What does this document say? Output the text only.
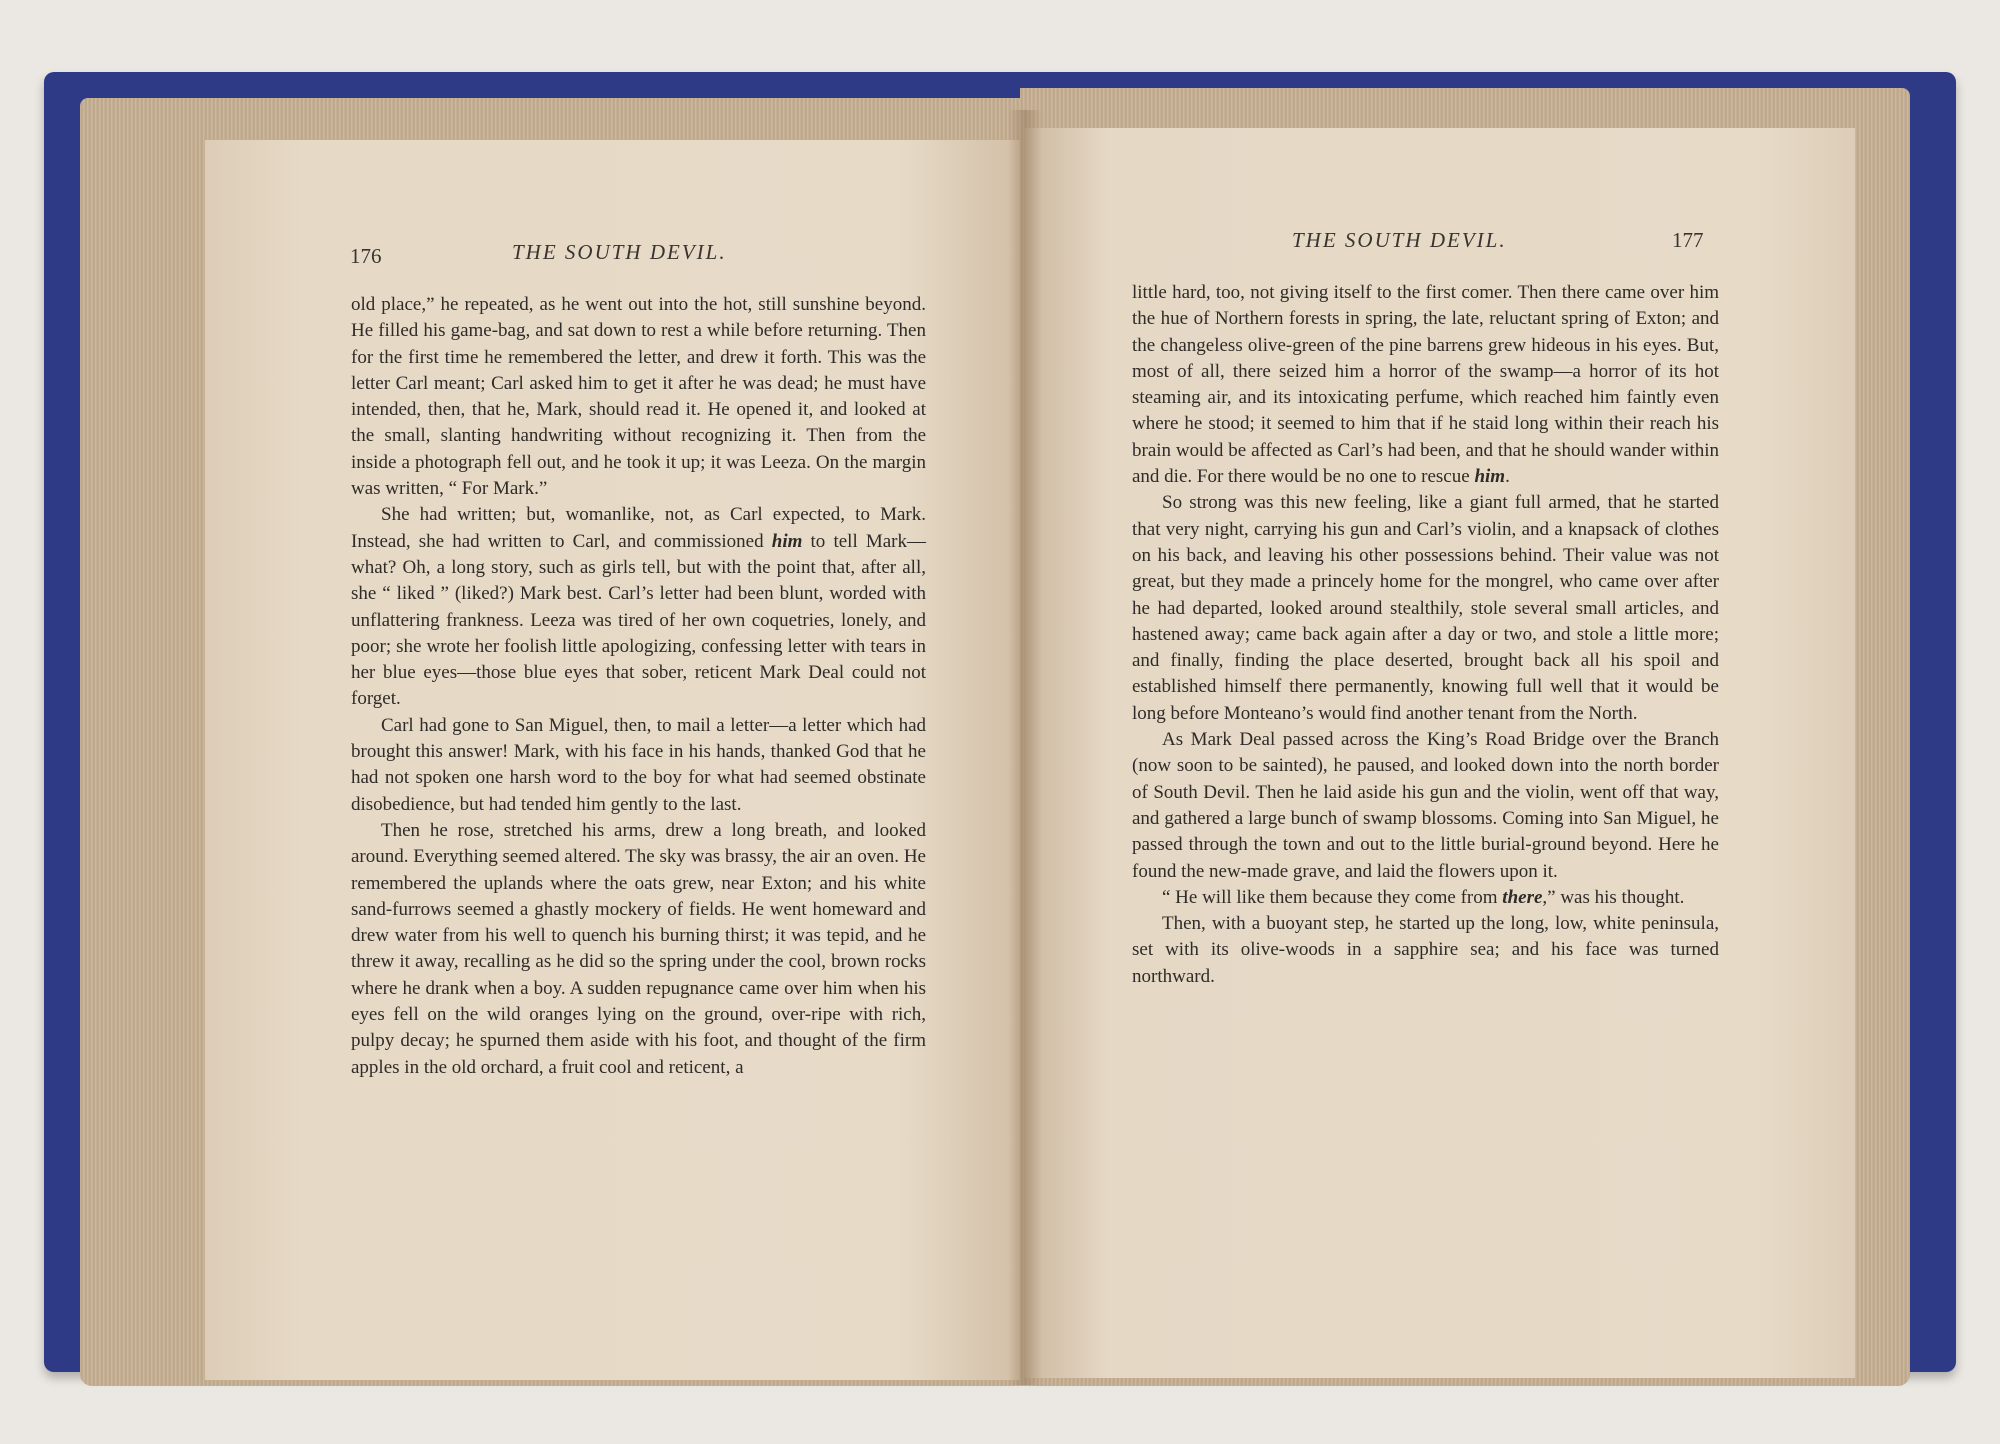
176	THE SOUTH DEVIL.	THE SOUTH DEVIL.	177

old place,” he repeated, as he went out into the hot, still sunshine beyond. He filled his game-bag, and sat down to rest a while before returning. Then for the first time he remembered the letter, and drew it forth. This was the letter Carl meant; Carl asked him to get it after he was dead; he must have intended, then, that he, Mark, should read it. He opened it, and looked at the small, slanting handwriting without recognizing it. Then from the inside a photograph fell out, and he took it up; it was Leeza. On the margin was written, “ For Mark.”

She had written; but, womanlike, not, as Carl expected, to Mark. Instead, she had written to Carl, and commissioned him to tell Mark—what? Oh, a long story, such as girls tell, but with the point that, after all, she “ liked ” (liked?) Mark best. Carl’s letter had been blunt, worded with unflattering frankness. Leeza was tired of her own coquetries, lonely, and poor; she wrote her foolish little apologizing, confessing letter with tears in her blue eyes—those blue eyes that sober, reticent Mark Deal could not forget.

Carl had gone to San Miguel, then, to mail a letter—a letter which had brought this answer! Mark, with his face in his hands, thanked God that he had not spoken one harsh word to the boy for what had seemed obstinate disobedience, but had tended him gently to the last.

Then he rose, stretched his arms, drew a long breath, and looked around. Everything seemed altered. The sky was brassy, the air an oven. He remembered the uplands where the oats grew, near Exton; and his white sand-furrows seemed a ghastly mockery of fields. He went homeward and drew water from his well to quench his burning thirst; it was tepid, and he threw it away, recalling as he did so the spring under the cool, brown rocks where he drank when a boy. A sudden repugnance came over him when his eyes fell on the wild oranges lying on the ground, over-ripe with rich, pulpy decay; he spurned them aside with his foot, and thought of the firm apples in the old orchard, a fruit cool and reticent, a

little hard, too, not giving itself to the first comer. Then there came over him the hue of Northern forests in spring, the late, reluctant spring of Exton; and the changeless olive-green of the pine barrens grew hideous in his eyes. But, most of all, there seized him a horror of the swamp—a horror of its hot steaming air, and its intoxicating perfume, which reached him faintly even where he stood; it seemed to him that if he staid long within their reach his brain would be affected as Carl’s had been, and that he should wander within and die. For there would be no one to rescue him.

So strong was this new feeling, like a giant full armed, that he started that very night, carrying his gun and Carl’s violin, and a knapsack of clothes on his back, and leaving his other possessions behind. Their value was not great, but they made a princely home for the mongrel, who came over after he had departed, looked around stealthily, stole several small articles, and hastened away; came back again after a day or two, and stole a little more; and finally, finding the place deserted, brought back all his spoil and established himself there permanently, knowing full well that it would be long before Monteano’s would find another tenant from the North.

As Mark Deal passed across the King’s Road Bridge over the Branch (now soon to be sainted), he paused, and looked down into the north border of South Devil. Then he laid aside his gun and the violin, went off that way, and gathered a large bunch of swamp blossoms. Coming into San Miguel, he passed through the town and out to the little burial-ground beyond. Here he found the new-made grave, and laid the flowers upon it.

“ He will like them because they come from there,” was his thought.

Then, with a buoyant step, he started up the long, low, white peninsula, set with its olive-woods in a sapphire sea; and his face was turned northward.
